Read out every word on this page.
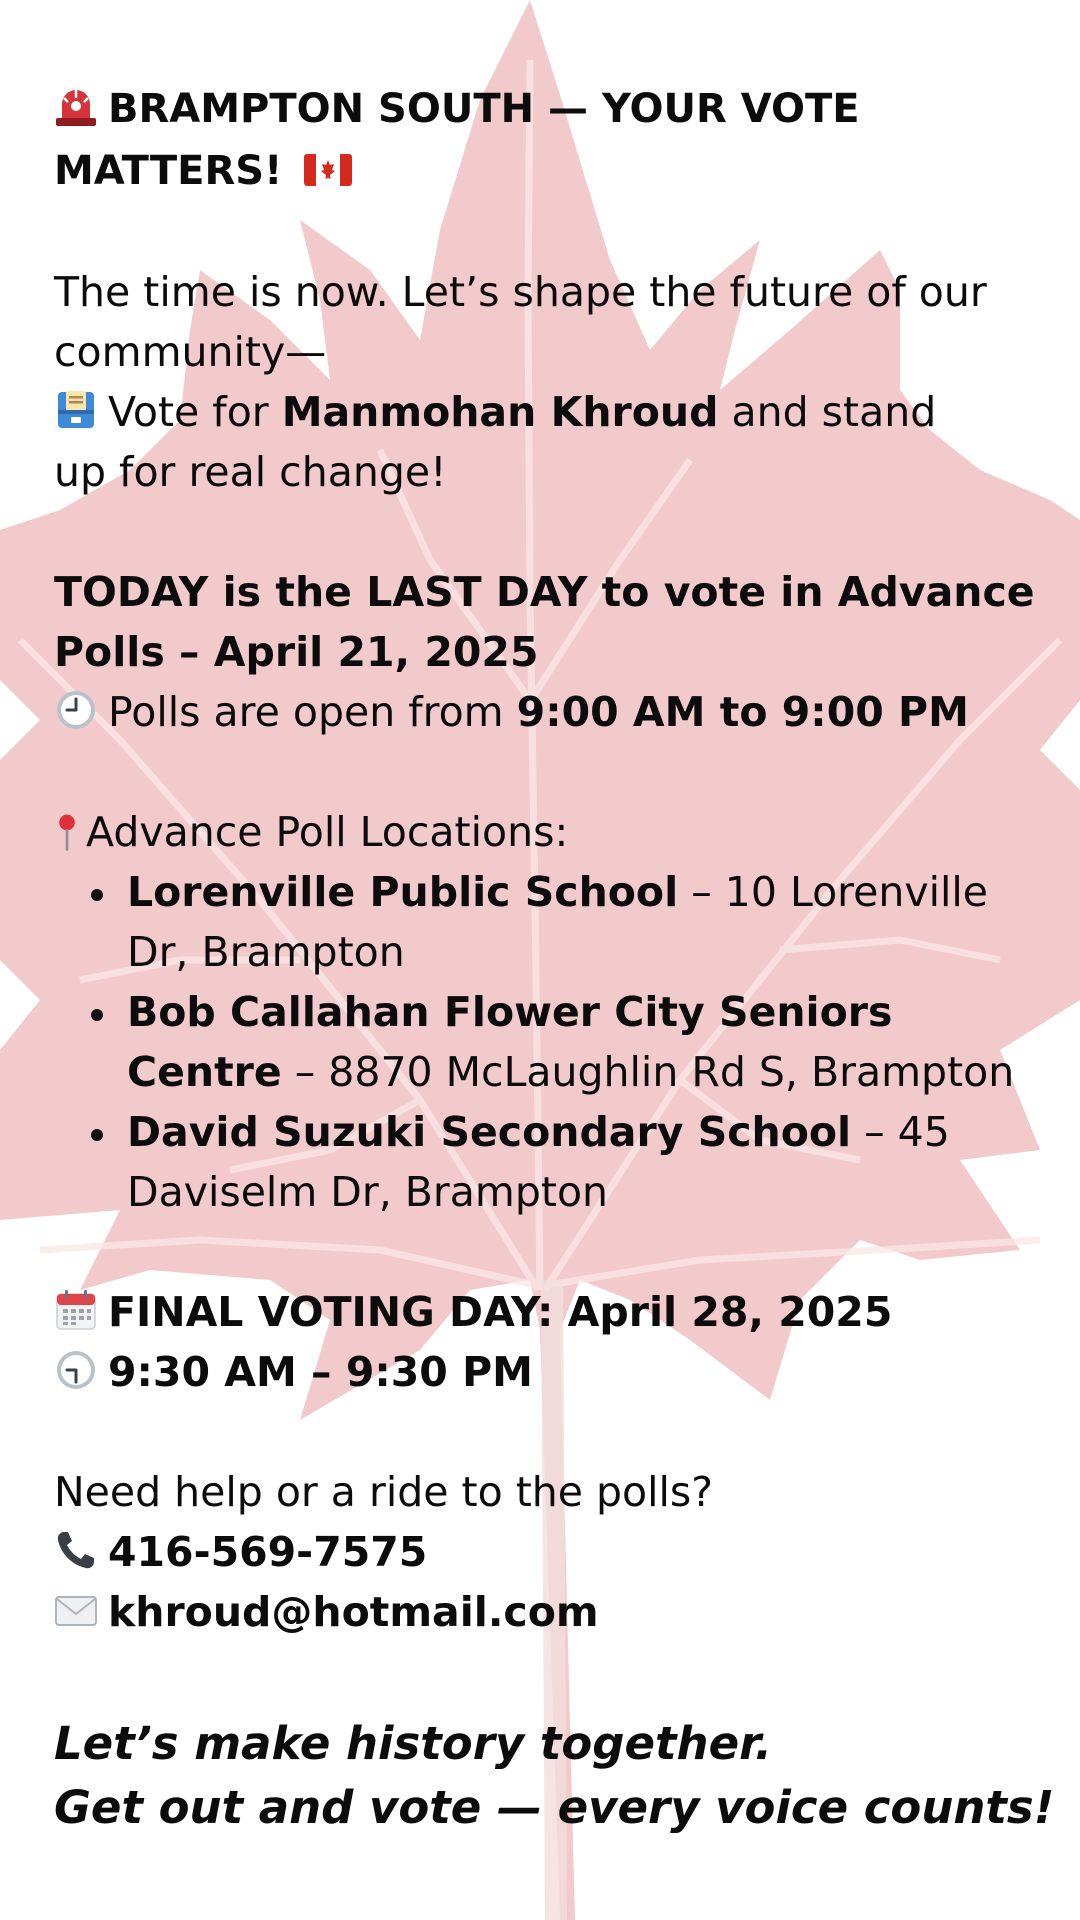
BRAMPTON SOUTH — YOUR VOTE
MATTERS!
The time is now. Let’s shape the future of our
community—
Vote for Manmohan Khroud and stand
up for real change!
TODAY is the LAST DAY to vote in Advance
Polls – April 21, 2025
Polls are open from 9:00 AM to 9:00 PM
Advance Poll Locations:
Lorenville Public School – 10 Lorenville Dr, Brampton
Bob Callahan Flower City Seniors Centre – 8870 McLaughlin Rd S, Brampton
David Suzuki Secondary School – 45 Daviselm Dr, Brampton
FINAL VOTING DAY: April 28, 2025
9:30 AM – 9:30 PM
Need help or a ride to the polls?
416-569-7575
khroud@hotmail.com
Let’s make history together.
Get out and vote — every voice counts!
